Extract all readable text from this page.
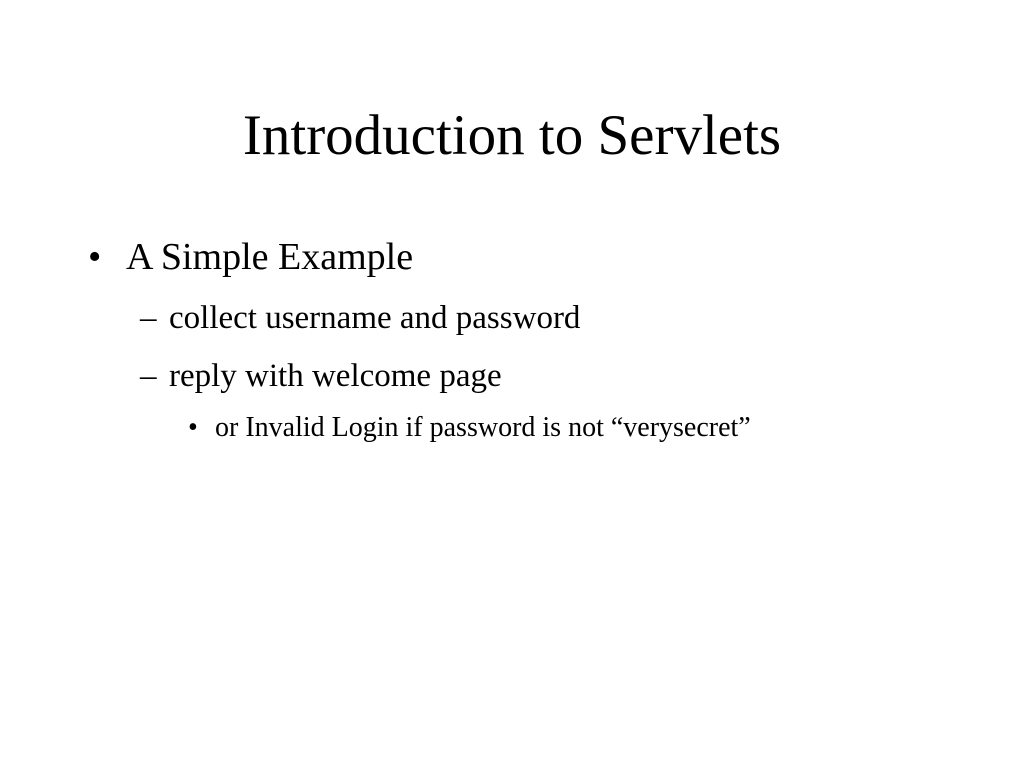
Introduction to Servlets
• A Simple Example
– collect username and password
– reply with welcome page
• or Invalid Login if password is not “verysecret”
